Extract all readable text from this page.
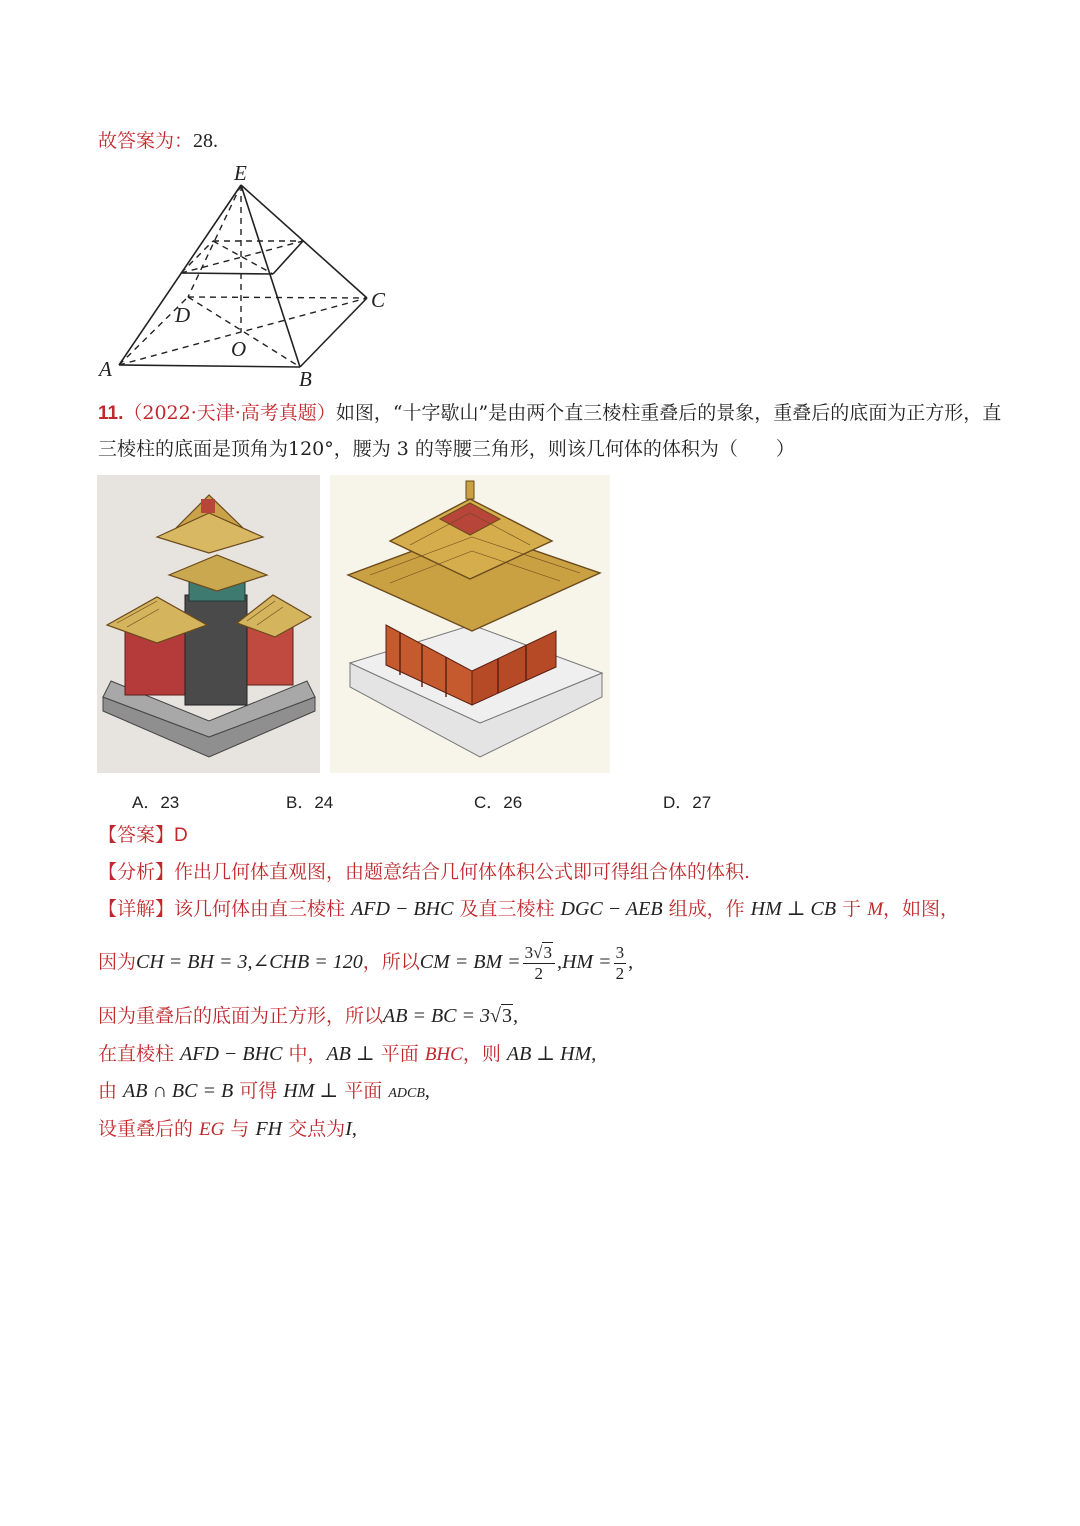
故答案为：28.
E
C
D
O
A	B
11.（2022·天津·高考真题）如图，“十字歇山”是由两个直三棱柱重叠后的景象，重叠后的底面为正方形，直
三棱柱的底面是顶角为120°，腰为 3 的等腰三角形，则该几何体的体积为（　　）
A．23	B．24	C．26	D．27
【答案】D
【分析】作出几何体直观图，由题意结合几何体体积公式即可得组合体的体积.
【详解】该几何体由直三棱柱 AFD − BHC 及直三棱柱 DGC − AEB 组成，作 HM ⊥ CB 于 M，如图，
因为CH = BH = 3,∠CHB = 120，所以CM = BM = $\frac{3√3}{2} ,HM = \frac{3}{2}$ ,
因为重叠后的底面为正方形，所以AB = BC = 3√3,
在直棱柱 AFD − BHC 中，AB ⊥ 平面 BHC，则 AB ⊥ HM,
由 AB ∩ BC = B 可得 HM ⊥ 平面 ADCB,
设重叠后的 EG 与 FH 交点为I,
